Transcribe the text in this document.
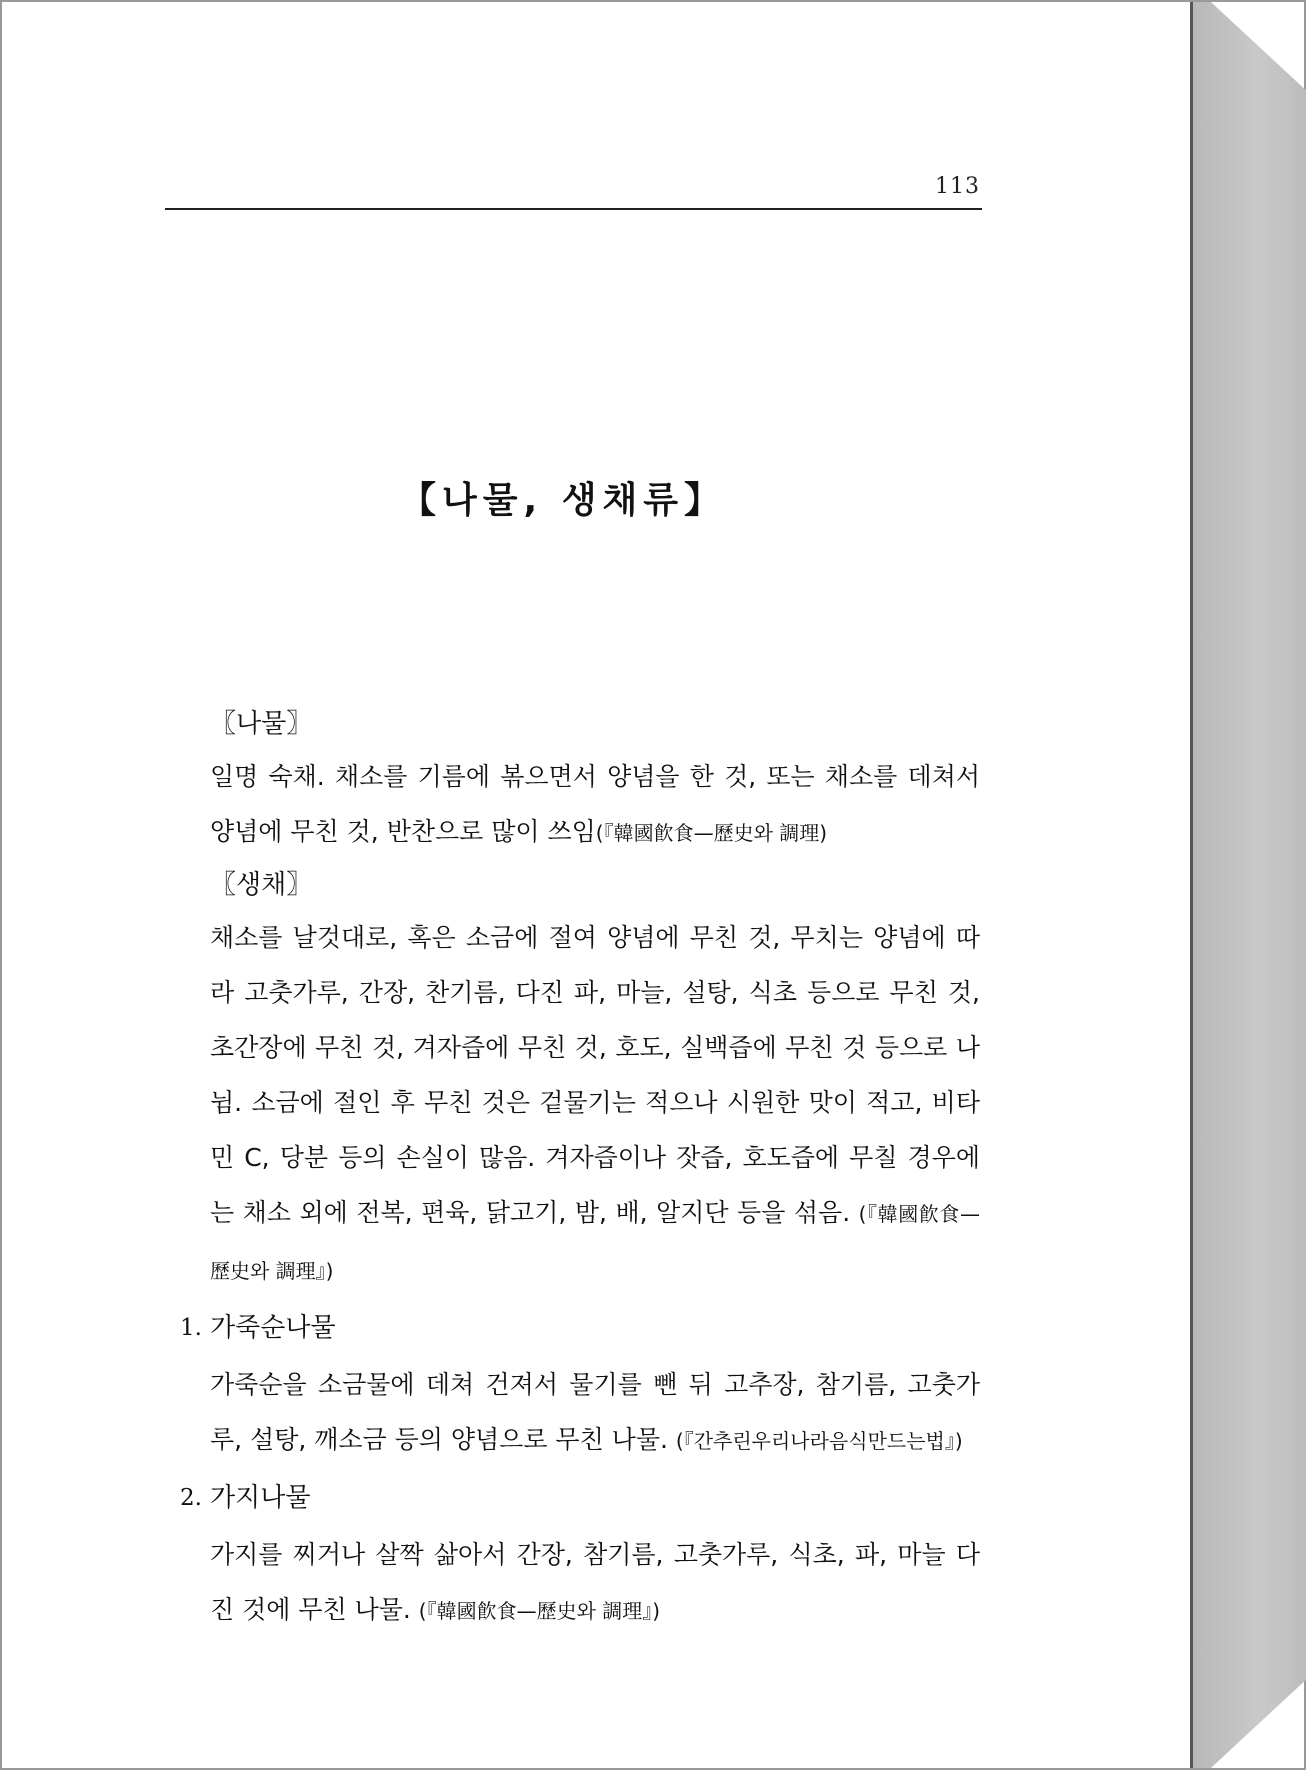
113
【나물, 생채류】

〖나물〗

일명 숙채. 채소를 기름에 볶으면서 양념을 한 것, 또는 채소를 데쳐서 양념에 무친 것, 반찬으로 많이 쓰임(『韓國飮食—歷史와 調理)

〖생채〗

채소를 날것대로, 혹은 소금에 절여 양념에 무친 것, 무치는 양념에 따라 고춧가루, 간장, 찬기름, 다진 파, 마늘, 설탕, 식초 등으로 무친 것, 초간장에 무친 것, 겨자즙에 무친 것, 호도, 실백즙에 무친 것 등으로 나뉨. 소금에 절인 후 무친 것은 겉물기는 적으나 시원한 맛이 적고, 비타민 C, 당분 등의 손실이 많음. 겨자즙이나 잣즙, 호도즙에 무칠 경우에는 채소 외에 전복, 편육, 닭고기, 밤, 배, 알지단 등을 섞음. (『韓國飮食—歷史와 調理』)

1. 가죽순나물

가죽순을 소금물에 데쳐 건져서 물기를 뺀 뒤 고추장, 참기름, 고춧가루, 설탕, 깨소금 등의 양념으로 무친 나물. (『간추린우리나라음식만드는법』)

2. 가지나물

가지를 찌거나 살짝 삶아서 간장, 참기름, 고춧가루, 식초, 파, 마늘 다진 것에 무친 나물. (『韓國飮食—歷史와 調理』)
